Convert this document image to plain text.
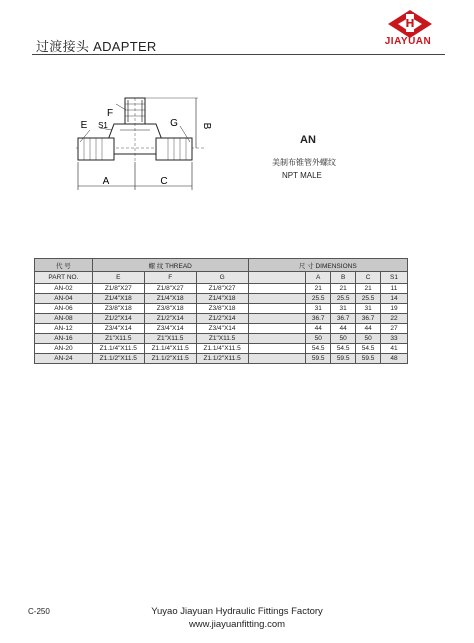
过渡接头 ADAPTER
H
JIAYUAN
E S1
F
G B
A	C
AN
美制布锥管外螺纹
NPT MALE
代 号	螺 纹 THREAD			尺 寸 DIMENSIONS				
PART NO.	E	F	G		A	B	C	S1
AN-02	Z1/8"X27	Z1/8"X27	Z1/8"X27		21	21	21	11
AN-04	Z1/4"X18	Z1/4"X18	Z1/4"X18		25.5	25.5	25.5	14
AN-06	Z3/8"X18	Z3/8"X18	Z3/8"X18		31	31	31	19
AN-08	Z1/2"X14	Z1/2"X14	Z1/2"X14		36.7	36.7	36.7	22
AN-12	Z3/4"X14	Z3/4"X14	Z3/4"X14		44	44	44	27
AN-16	Z1"X11.5	Z1"X11.5	Z1"X11.5		50	50	50	33
AN-20	Z1.1/4"X11.5	Z1.1/4"X11.5	Z1.1/4"X11.5		54.5	54.5	54.5	41
AN-24	Z1.1/2"X11.5	Z1.1/2"X11.5	Z1.1/2"X11.5		59.5	59.5	59.5	48
C-250	Yuyao Jiayuan Hydraulic Fittings Factory
www.jiayuanfitting.com
